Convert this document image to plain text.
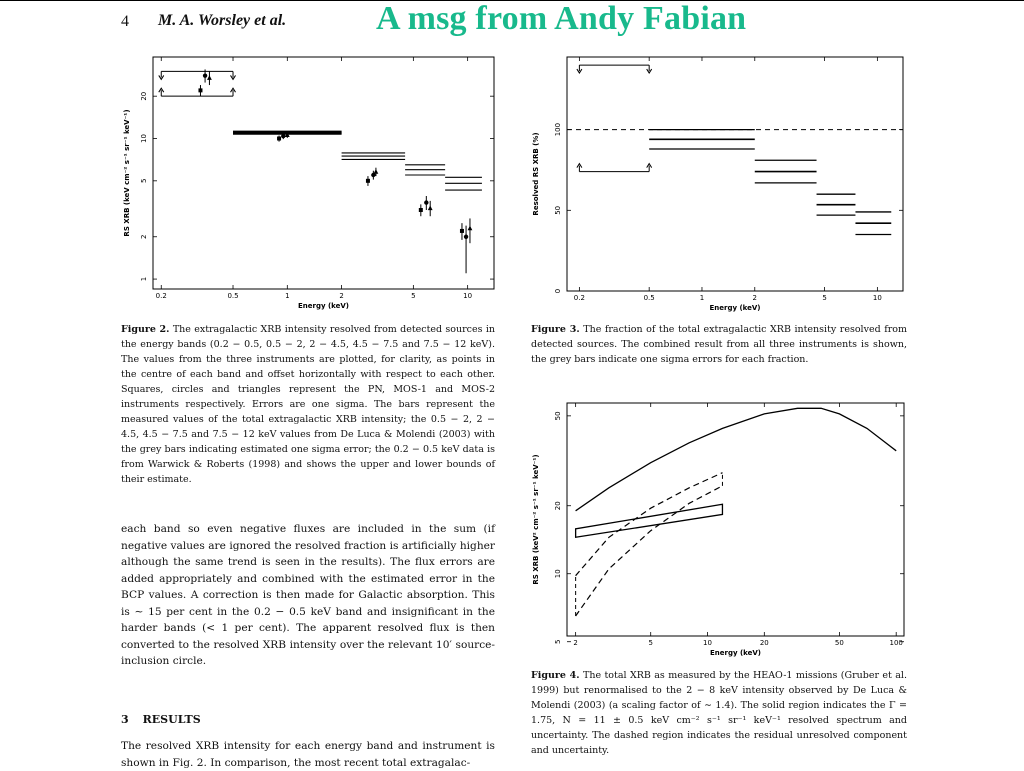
A msg from Andy Fabian
4 M. A. Worsley et al.
0.2	0.5	1	2	5	10
1
2
5
10
20
Energy (keV)
RS XRB (keV cm⁻² s⁻¹ sr⁻¹ keV⁻¹)
0.2	0.5	1	2	5	10
0
50
100
Energy (keV)
Resolved RS XRB (%)
2	5	10	20	50	100
5
10
20
50
Energy (keV)
RS XRB (keV² cm⁻² s⁻¹ sr⁻¹ keV⁻¹)

Figure 2. The extragalactic XRB intensity resolved from detected sources in the energy bands (0.2 − 0.5, 0.5 − 2, 2 − 4.5, 4.5 − 7.5 and 7.5 − 12 keV). The values from the three instruments are plotted, for clarity, as points in the centre of each band and offset horizontally with respect to each other. Squares, circles and triangles represent the PN, MOS-1 and MOS-2 instruments respectively. Errors are one sigma. The bars represent the measured values of the total extragalactic XRB intensity; the 0.5 − 2, 2 − 4.5, 4.5 − 7.5 and 7.5 − 12 keV values from De Luca & Molendi (2003) with the grey bars indicating estimated one sigma error; the 0.2 − 0.5 keV data is from Warwick & Roberts (1998) and shows the upper and lower bounds of their estimate.

Figure 3. The fraction of the total extragalactic XRB intensity resolved from detected sources. The combined result from all three instruments is shown, the grey bars indicate one sigma errors for each fraction.

Figure 4. The total XRB as measured by the HEAO-1 missions (Gruber et al. 1999) but renormalised to the 2 − 8 keV intensity observed by De Luca & Molendi (2003) (a scaling factor of ∼ 1.4). The solid region indicates the Γ = 1.75, N = 11 ± 0.5 keV cm⁻² s⁻¹ sr⁻¹ keV⁻¹ resolved spectrum and uncertainty. The dashed region indicates the residual unresolved component and uncertainty.

each band so even negative fluxes are included in the sum (if negative values are ignored the resolved fraction is artificially higher although the same trend is seen in the results). The flux errors are added appropriately and combined with the estimated error in the BCP values. A correction is then made for Galactic absorption. This is ∼ 15 per cent in the 0.2 − 0.5 keV band and insignificant in the harder bands (< 1 per cent). The apparent resolved flux is then converted to the resolved XRB intensity over the relevant 10′ source-inclusion circle.

3 RESULTS

The resolved XRB intensity for each energy band and instrument is shown in Fig. 2. In comparison, the most recent total extragalac-
